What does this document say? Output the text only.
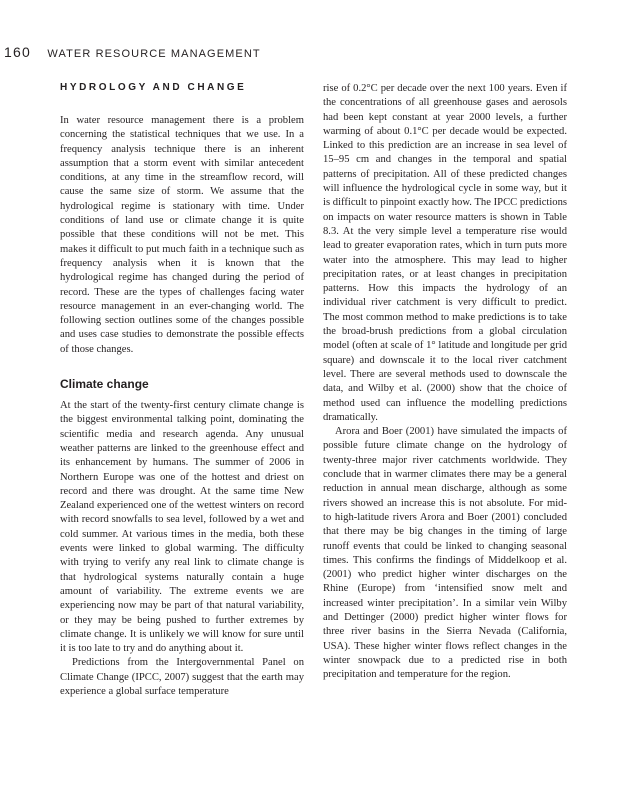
160 WATER RESOURCE MANAGEMENT
HYDROLOGY AND CHANGE

In water resource management there is a problem concerning the statistical techniques that we use. In a frequency analysis technique there is an inherent assumption that a storm event with similar antecedent conditions, at any time in the streamflow record, will cause the same size of storm. We assume that the hydrological regime is stationary with time. Under conditions of land use or climate change it is quite possible that these conditions will not be met. This makes it difficult to put much faith in a technique such as frequency analysis when it is known that the hydrological regime has changed during the period of record. These are the types of challenges facing water resource management in an ever-changing world. The following section outlines some of the changes possible and uses case studies to demonstrate the possible effects of those changes.

Climate change

At the start of the twenty-first century climate change is the biggest environmental talking point, dominating the scientific media and research agenda. Any unusual weather patterns are linked to the greenhouse effect and its enhancement by humans. The summer of 2006 in Northern Europe was one of the hottest and driest on record and there was drought. At the same time New Zealand experienced one of the wettest winters on record with record snowfalls to sea level, followed by a wet and cold summer. At various times in the media, both these events were linked to global warming. The difficulty with trying to verify any real link to climate change is that hydrological systems naturally contain a huge amount of variability. The extreme events we are experiencing now may be part of that natural variability, or they may be being pushed to further extremes by climate change. It is unlikely we will know for sure until it is too late to try and do anything about it.

Predictions from the Intergovernmental Panel on Climate Change (IPCC, 2007) suggest that the earth may experience a global surface temperature

rise of 0.2°C per decade over the next 100 years. Even if the concentrations of all greenhouse gases and aerosols had been kept constant at year 2000 levels, a further warming of about 0.1°C per decade would be expected. Linked to this prediction are an increase in sea level of 15–95 cm and changes in the temporal and spatial patterns of precipitation. All of these predicted changes will influence the hydrological cycle in some way, but it is difficult to pinpoint exactly how. The IPCC predictions on impacts on water resource matters is shown in Table 8.3. At the very simple level a temperature rise would lead to greater evaporation rates, which in turn puts more water into the atmosphere. This may lead to higher precipitation rates, or at least changes in precipitation patterns. How this impacts the hydrology of an individual river catchment is very difficult to predict. The most common method to make predictions is to take the broad-brush predictions from a global circulation model (often at scale of 1° latitude and longitude per grid square) and downscale it to the local river catchment level. There are several methods used to downscale the data, and Wilby et al. (2000) show that the choice of method used can influence the modelling predictions dramatically.

Arora and Boer (2001) have simulated the impacts of possible future climate change on the hydrology of twenty-three major river catchments worldwide. They conclude that in warmer climates there may be a general reduction in annual mean discharge, although as some rivers showed an increase this is not absolute. For mid- to high-latitude rivers Arora and Boer (2001) concluded that there may be big changes in the timing of large runoff events that could be linked to changing seasonal times. This confirms the findings of Middelkoop et al. (2001) who predict higher winter discharges on the Rhine (Europe) from ‘intensified snow melt and increased winter precipitation’. In a similar vein Wilby and Dettinger (2000) predict higher winter flows for three river basins in the Sierra Nevada (California, USA). These higher winter flows reflect changes in the winter snowpack due to a predicted rise in both precipitation and temperature for the region.
